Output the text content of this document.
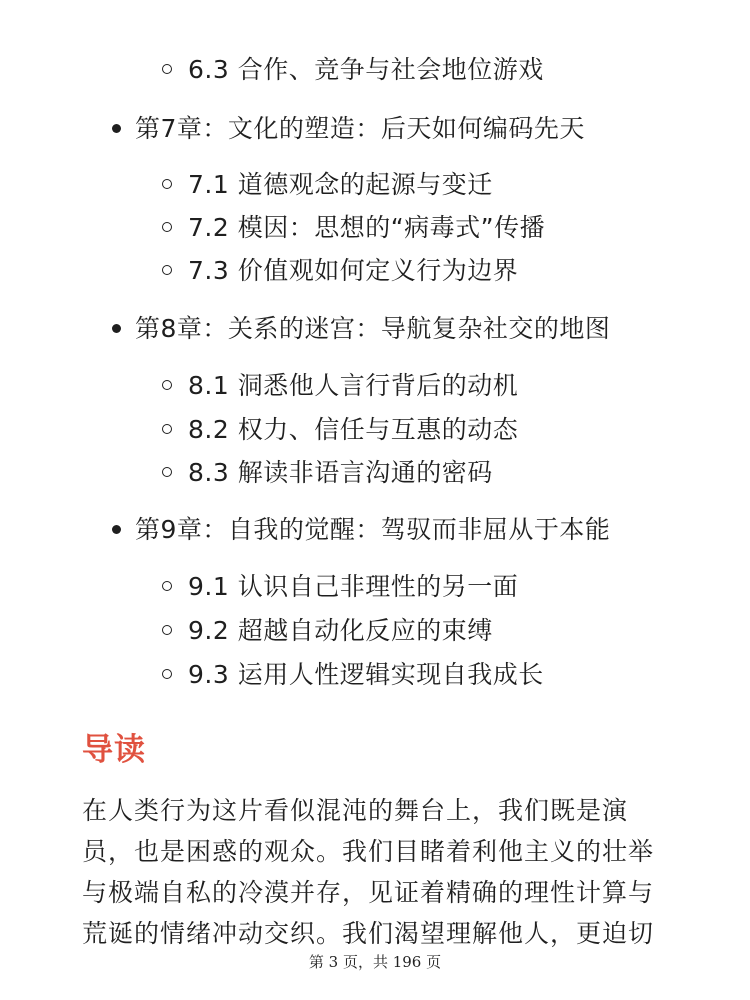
6.3 合作、竞争与社会地位游戏
第7章：文化的塑造：后天如何编码先天
7.1 道德观念的起源与变迁
7.2 模因：思想的“病毒式”传播
7.3 价值观如何定义行为边界
第8章：关系的迷宫：导航复杂社交的地图
8.1 洞悉他人言行背后的动机
8.2 权力、信任与互惠的动态
8.3 解读非语言沟通的密码
第9章：自我的觉醒：驾驭而非屈从于本能
9.1 认识自己非理性的另一面
9.2 超越自动化反应的束缚
9.3 运用人性逻辑实现自我成长
导读
在人类行为这片看似混沌的舞台上，我们既是演
员，也是困惑的观众。我们目睹着利他主义的壮举
与极端自私的冷漠并存，见证着精确的理性计算与
荒诞的情绪冲动交织。我们渴望理解他人，更迫切
第 3 页，共 196 页
